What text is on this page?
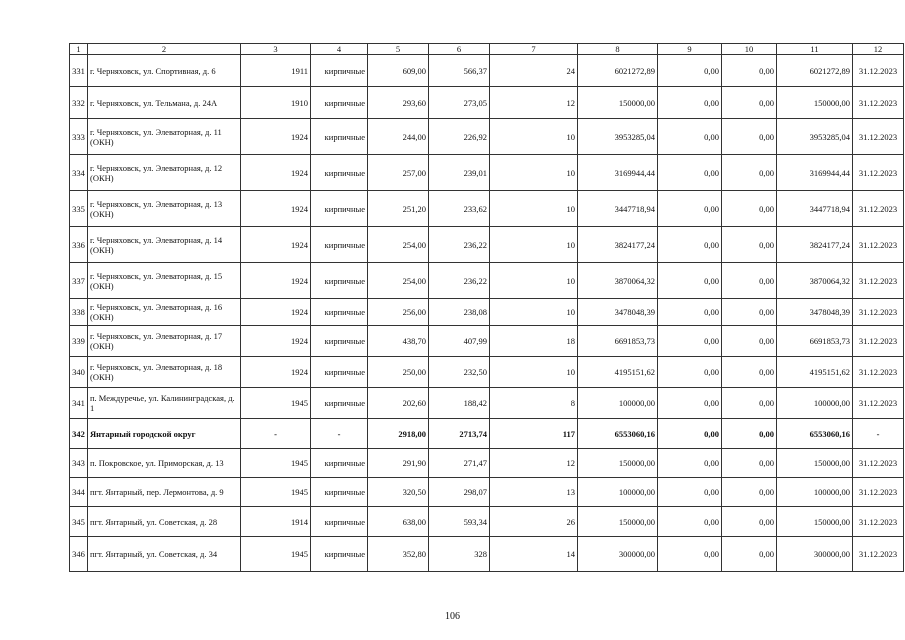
1	2	3	4	5	6	7	8	9	10	11	12
331	г. Черняховск, ул. Спортивная, д. 6	1911	кирпичные	609,00	566,37	24	6021272,89	0,00	0,00	6021272,89	31.12.2023
332	г. Черняховск, ул. Тельмана, д. 24А	1910	кирпичные	293,60	273,05	12	150000,00	0,00	0,00	150000,00	31.12.2023
333	г. Черняховск, ул. Элеваторная, д. 11 (ОКН)	1924	кирпичные	244,00	226,92	10	3953285,04	0,00	0,00	3953285,04	31.12.2023
334	г. Черняховск, ул. Элеваторная, д. 12 (ОКН)	1924	кирпичные	257,00	239,01	10	3169944,44	0,00	0,00	3169944,44	31.12.2023
335	г. Черняховск, ул. Элеваторная, д. 13 (ОКН)	1924	кирпичные	251,20	233,62	10	3447718,94	0,00	0,00	3447718,94	31.12.2023
336	г. Черняховск, ул. Элеваторная, д. 14 (ОКН)	1924	кирпичные	254,00	236,22	10	3824177,24	0,00	0,00	3824177,24	31.12.2023
337	г. Черняховск, ул. Элеваторная, д. 15 (ОКН)	1924	кирпичные	254,00	236,22	10	3870064,32	0,00	0,00	3870064,32	31.12.2023
338	г. Черняховск, ул. Элеваторная, д. 16 (ОКН)	1924	кирпичные	256,00	238,08	10	3478048,39	0,00	0,00	3478048,39	31.12.2023
339	г. Черняховск, ул. Элеваторная, д. 17 (ОКН)	1924	кирпичные	438,70	407,99	18	6691853,73	0,00	0,00	6691853,73	31.12.2023
340	г. Черняховск, ул. Элеваторная, д. 18 (ОКН)	1924	кирпичные	250,00	232,50	10	4195151,62	0,00	0,00	4195151,62	31.12.2023
341	п. Междуречье, ул. Калининградская, д. 1	1945	кирпичные	202,60	188,42	8	100000,00	0,00	0,00	100000,00	31.12.2023
342	Янтарный городской округ	-	-	2918,00	2713,74	117	6553060,16	0,00	0,00	6553060,16	-
343	п. Покровское, ул. Приморская, д. 13	1945	кирпичные	291,90	271,47	12	150000,00	0,00	0,00	150000,00	31.12.2023
344	пгт. Янтарный, пер. Лермонтова, д. 9	1945	кирпичные	320,50	298,07	13	100000,00	0,00	0,00	100000,00	31.12.2023
345	пгт. Янтарный, ул. Советская, д. 28	1914	кирпичные	638,00	593,34	26	150000,00	0,00	0,00	150000,00	31.12.2023
346	пгт. Янтарный, ул. Советская, д. 34	1945	кирпичные	352,80	328	14	300000,00	0,00	0,00	300000,00	31.12.2023
106
